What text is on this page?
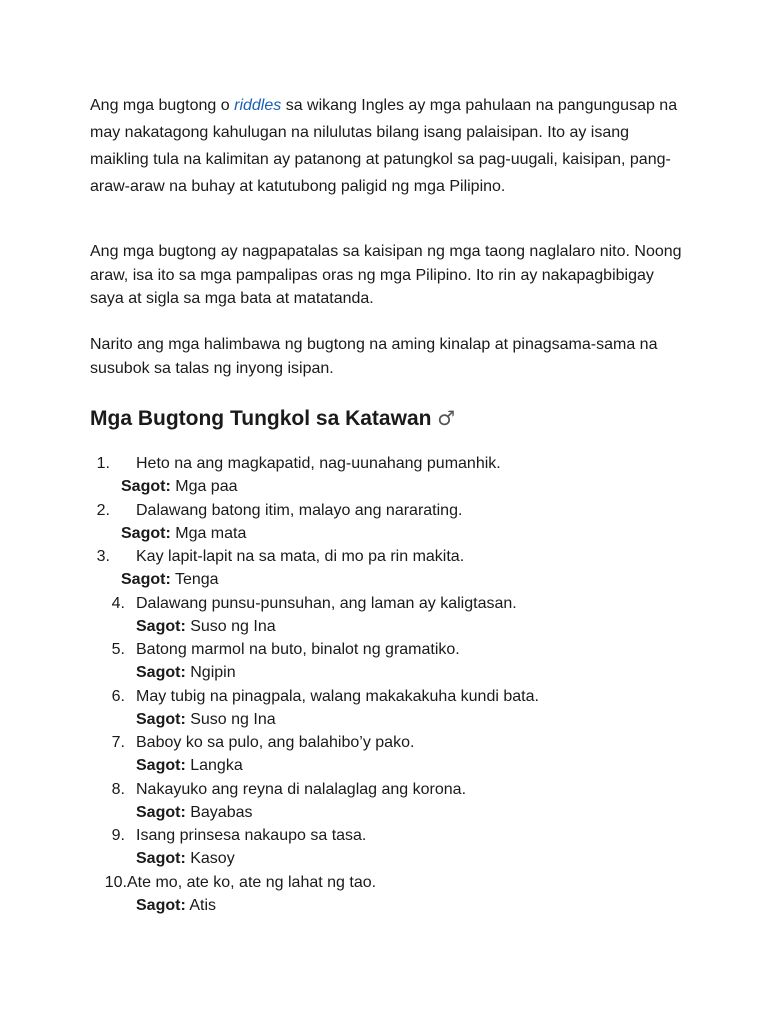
Ang mga bugtong o riddles sa wikang Ingles ay mga pahulaan na pangungusap na may nakatagong kahulugan na nilulutas bilang isang palaisipan. Ito ay isang maikling tula na kalimitan ay patanong at patungkol sa pag-uugali, kaisipan, pang-araw-araw na buhay at katutubong paligid ng mga Pilipino.

Ang mga bugtong ay nagpapatalas sa kaisipan ng mga taong naglalaro nito. Noong araw, isa ito sa mga pampalipas oras ng mga Pilipino. Ito rin ay nakapagbibigay saya at sigla sa mga bata at matatanda.

Narito ang mga halimbawa ng bugtong na aming kinalap at pinagsama-sama na susubok sa talas ng inyong isipan.

Mga Bugtong Tungkol sa Katawan ♂
1. Heto na ang magkapatid, nag-uunahang pumanhik.
Sagot: Mga paa
2. Dalawang batong itim, malayo ang nararating.
Sagot: Mga mata
3. Kay lapit-lapit na sa mata, di mo pa rin makita.
Sagot: Tenga
4. Dalawang punsu-punsuhan, ang laman ay kaligtasan.
Sagot: Suso ng Ina
5. Batong marmol na buto, binalot ng gramatiko.
Sagot: Ngipin
6. May tubig na pinagpala, walang makakakuha kundi bata.
Sagot: Suso ng Ina
7. Baboy ko sa pulo, ang balahibo’y pako.
Sagot: Langka
8. Nakayuko ang reyna di nalalaglag ang korona.
Sagot: Bayabas
9. Isang prinsesa nakaupo sa tasa.
Sagot: Kasoy
10. Ate mo, ate ko, ate ng lahat ng tao.
Sagot: Atis
